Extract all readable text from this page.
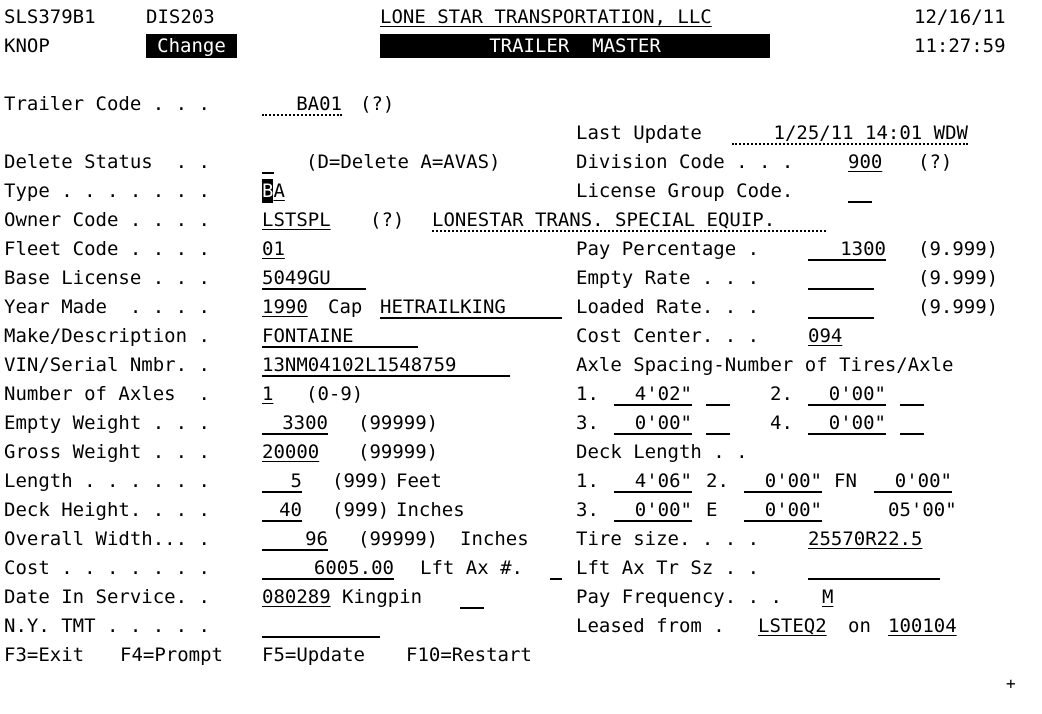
SLS379B1	DIS203	LONE STAR TRANSPORTATION, LLC	12/16/11
KNOP	Change	TRAILER  MASTER	11:27:59
Trailer Code . . .	BA01 (?)
Last Update	1/25/11 14:01 WDW
Delete Status  . .	(D=Delete A=AVAS)	Division Code . . .	900 (?)
Type . . . . . . .	BA	License Group Code.
Owner Code . . . .	LSTSPL (?) LONESTAR TRANS. SPECIAL EQUIP.
Fleet Code . . . .	01	Pay Percentage .	1300 (9.999)
Base License . . .	5049GU	Empty Rate . . .	(9.999)
Year Made  . . . .	1990 Cap HETRAILKING	Loaded Rate. . .	(9.999)
Make/Description .	FONTAINE	Cost Center. . .	094
VIN/Serial Nmbr. .	13NM04102L1548759	Axle Spacing-Number of Tires/Axle
Number of Axles  .	1 (0-9)	1.	4'02"	2.	0'00"
Empty Weight . . .	3300 (99999)	3.	0'00"	4.	0'00"
Gross Weight . . .	20000 (99999)	Deck Length . .
Length . . . . . .	5 (999) Feet	1.	4'06" 2.	0'00" FN	0'00"
Deck Height. . . .	40 (999) Inches	3.	0'00" E	0'00"	05'00"
Overall Width... .	96 (99999) Inches Tire size. . . .	25570R22.5
Cost . . . . . . .	6005.00 Lft Ax #.	Lft Ax Tr Sz . .
Date In Service. .	080289 Kingpin	Pay Frequency. . . M
N.Y. TMT . . . . .	Leased from . LSTEQ2 on 100104
F3=Exit F4=Prompt F5=Update F10=Restart
+
